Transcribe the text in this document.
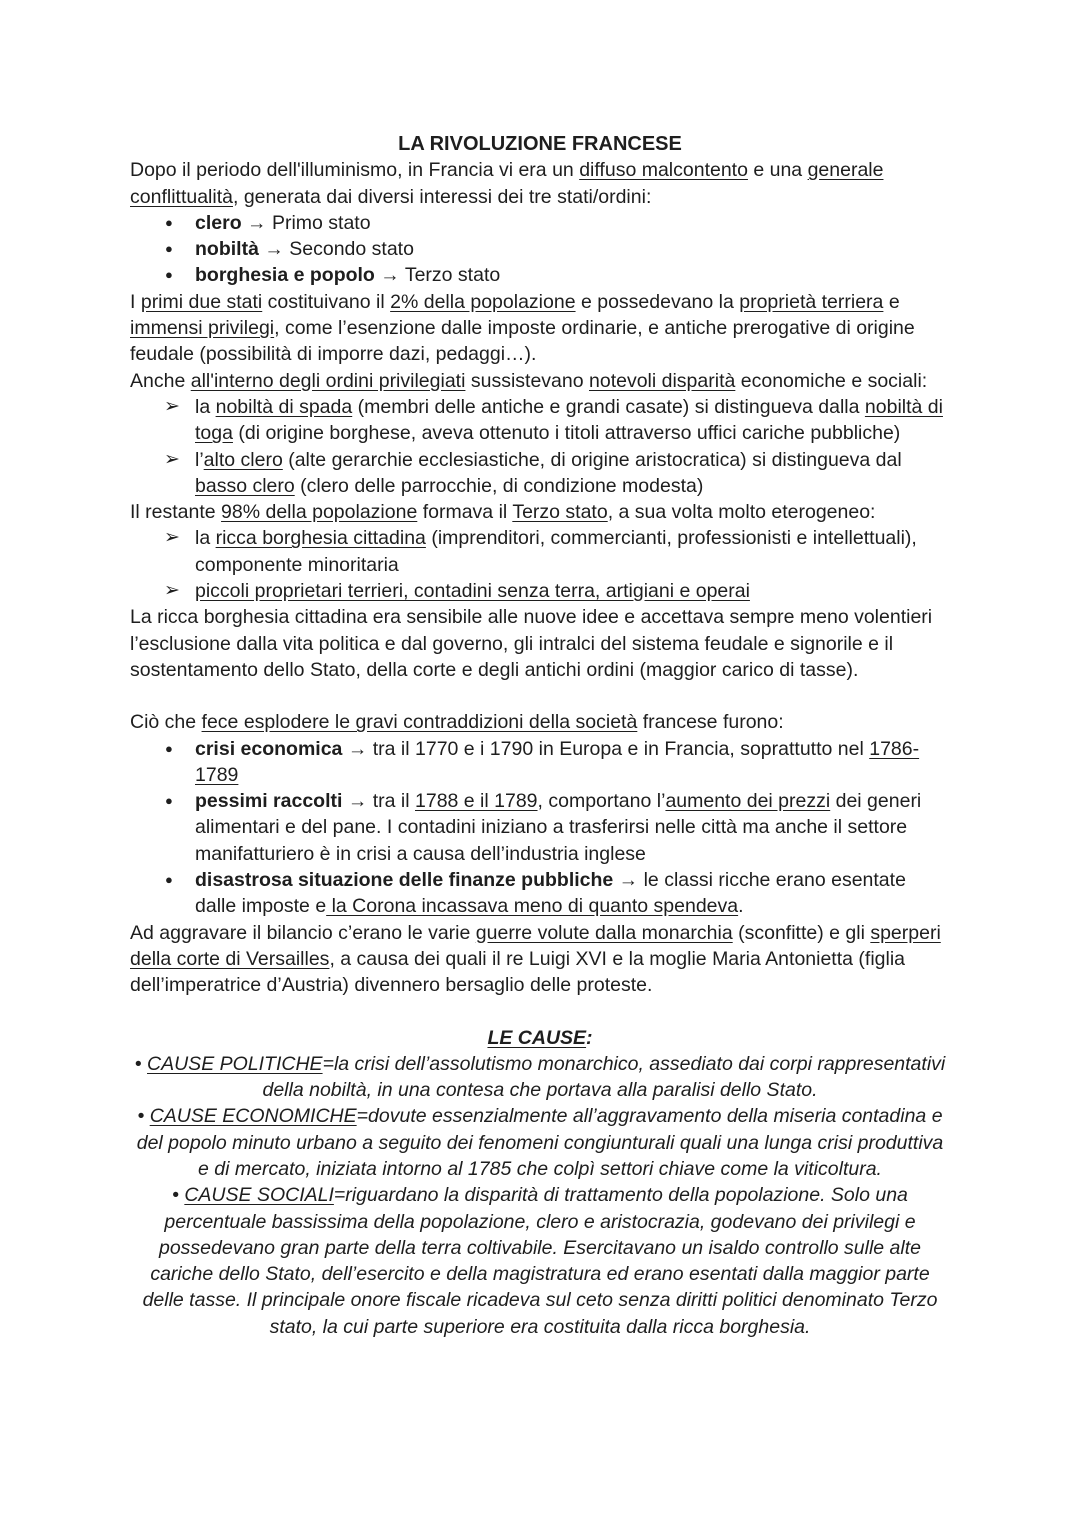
LA RIVOLUZIONE FRANCESE

Dopo il periodo dell'illuminismo, in Francia vi era un diffuso malcontento e una generale conflittualità, generata dai diversi interessi dei tre stati/ordini:

● clero → Primo stato
● nobiltà → Secondo stato
● borghesia e popolo → Terzo stato

I primi due stati costituivano il 2% della popolazione e possedevano la proprietà terriera e immensi privilegi, come l’esenzione dalle imposte ordinarie, e antiche prerogative di origine feudale (possibilità di imporre dazi, pedaggi…).

Anche all'interno degli ordini privilegiati sussistevano notevoli disparità economiche e sociali:

➢ la nobiltà di spada (membri delle antiche e grandi casate) si distingueva dalla nobiltà di toga (di origine borghese, aveva ottenuto i titoli attraverso uffici cariche pubbliche)
➢ l’alto clero (alte gerarchie ecclesiastiche, di origine aristocratica) si distingueva dal basso clero (clero delle parrocchie, di condizione modesta)

Il restante 98% della popolazione formava il Terzo stato, a sua volta molto eterogeneo:

➢ la ricca borghesia cittadina (imprenditori, commercianti, professionisti e intellettuali), componente minoritaria
➢ piccoli proprietari terrieri, contadini senza terra, artigiani e operai

La ricca borghesia cittadina era sensibile alle nuove idee e accettava sempre meno volentieri l’esclusione dalla vita politica e dal governo, gli intralci del sistema feudale e signorile e il sostentamento dello Stato, della corte e degli antichi ordini (maggior carico di tasse).

Ciò che fece esplodere le gravi contraddizioni della società francese furono:

● crisi economica → tra il 1770 e i 1790 in Europa e in Francia, soprattutto nel 1786-1789
● pessimi raccolti → tra il 1788 e il 1789, comportano l’aumento dei prezzi dei generi alimentari e del pane. I contadini iniziano a trasferirsi nelle città ma anche il settore manifatturiero è in crisi a causa dell’industria inglese
● disastrosa situazione delle finanze pubbliche → le classi ricche erano esentate dalle imposte e la Corona incassava meno di quanto spendeva.

Ad aggravare il bilancio c’erano le varie guerre volute dalla monarchia (sconfitte) e gli sperperi della corte di Versailles, a causa dei quali il re Luigi XVI e la moglie Maria Antonietta (figlia dell’imperatrice d’Austria) divennero bersaglio delle proteste.

LE CAUSE:

• CAUSE POLITICHE=la crisi dell’assolutismo monarchico, assediato dai corpi rappresentativi della nobiltà, in una contesa che portava alla paralisi dello Stato.

• CAUSE ECONOMICHE=dovute essenzialmente all’aggravamento della miseria contadina e del popolo minuto urbano a seguito dei fenomeni congiunturali quali una lunga crisi produttiva e di mercato, iniziata intorno al 1785 che colpì settori chiave come la viticoltura.

• CAUSE SOCIALI=riguardano la disparità di trattamento della popolazione. Solo una percentuale bassissima della popolazione, clero e aristocrazia, godevano dei privilegi e possedevano gran parte della terra coltivabile. Esercitavano un isaldo controllo sulle alte cariche dello Stato, dell’esercito e della magistratura ed erano esentati dalla maggior parte delle tasse. Il principale onore fiscale ricadeva sul ceto senza diritti politici denominato Terzo stato, la cui parte superiore era costituita dalla ricca borghesia.
